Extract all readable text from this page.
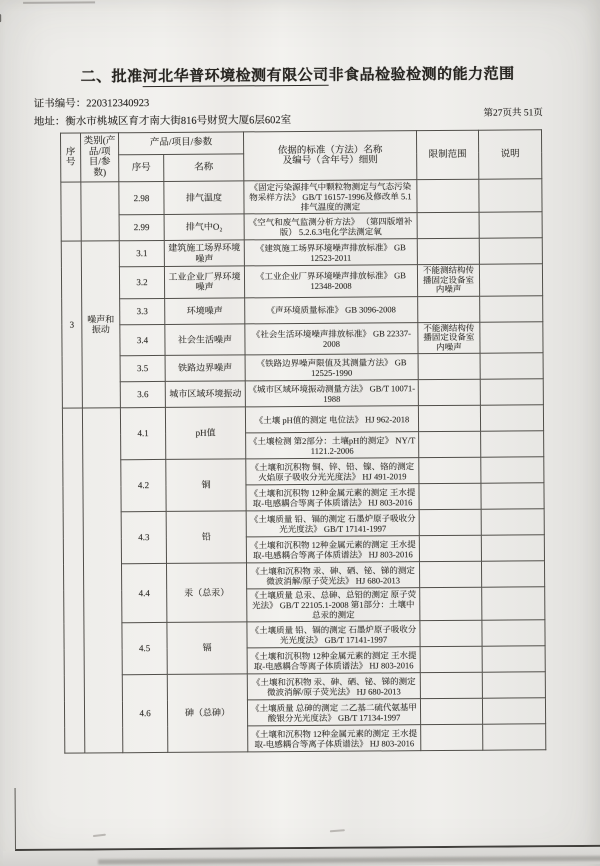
二、批准河北华普环境检测有限公司非食品检验检测的能力范围
证书编号：220312340923
地址：衡水市桃城区育才南大街816号财贸大厦6层602室
第27页共 51页
序号	类别(产品/项目/参数)	产品/项目/参数		依据的标准（方法）名称
及编号（含年号）细则	限制范围	说明
		序号	名称			
		2.98	排气温度	《固定污染源排气中颗粒物测定与气态污染物采样方法》 GB/T 16157-1996及修改单 5.1 排气温度的测定		
		2.99	排气中O₂	《空气和废气监测分析方法》 （第四版增补版） 5.2.6.3电化学法测定氧		
3	噪声和振动	3.1	建筑施工场界环境噪声	《建筑施工场界环境噪声排放标准》 GB 12523-2011		
		3.2	工业企业厂界环境噪声	《工业企业厂界环境噪声排放标准》 GB 12348-2008	不能测结构传播固定设备室内噪声	
		3.3	环境噪声	《声环境质量标准》 GB 3096-2008		
		3.4	社会生活噪声	《社会生活环境噪声排放标准》 GB 22337-2008	不能测结构传播固定设备室内噪声	
		3.5	铁路边界噪声	《铁路边界噪声限值及其测量方法》 GB 12525-1990		
		3.6	城市区域环境振动	《城市区域环境振动测量方法》 GB/T 10071-1988		
		4.1	pH值	《土壤 pH值的测定 电位法》 HJ 962-2018		
				《土壤检测 第2部分：土壤pH的测定》 NY/T 1121.2-2006		
		4.2	铜	《土壤和沉积物 铜、锌、铅、镍、铬的测定 火焰原子吸收分光光度法》 HJ 491-2019		
				《土壤和沉积物 12种金属元素的测定 王水提取-电感耦合等离子体质谱法》 HJ 803-2016		
		4.3	铅	《土壤质量 铅、镉的测定 石墨炉原子吸收分光光度法》 GB/T 17141-1997		
				《土壤和沉积物 12种金属元素的测定 王水提取-电感耦合等离子体质谱法》 HJ 803-2016		
		4.4	汞（总汞）	《土壤和沉积物 汞、砷、硒、铋、锑的测定 微波消解/原子荧光法》 HJ 680-2013		
				《土壤质量 总汞、总砷、总铅的测定 原子荧光法》 GB/T 22105.1-2008 第1部分：土壤中总汞的测定		
		4.5	镉	《土壤质量 铅、镉的测定 石墨炉原子吸收分光光度法》 GB/T 17141-1997		
				《土壤和沉积物 12种金属元素的测定 王水提取-电感耦合等离子体质谱法》 HJ 803-2016		
		4.6	砷（总砷）	《土壤和沉积物 汞、砷、硒、铋、锑的测定 微波消解/原子荧光法》 HJ 680-2013		
				《土壤质量 总砷的测定 二乙基二硫代氨基甲酸银分光光度法》 GB/T 17134-1997		
				《土壤和沉积物 12种金属元素的测定 王水提取-电感耦合等离子体质谱法》 HJ 803-2016		
